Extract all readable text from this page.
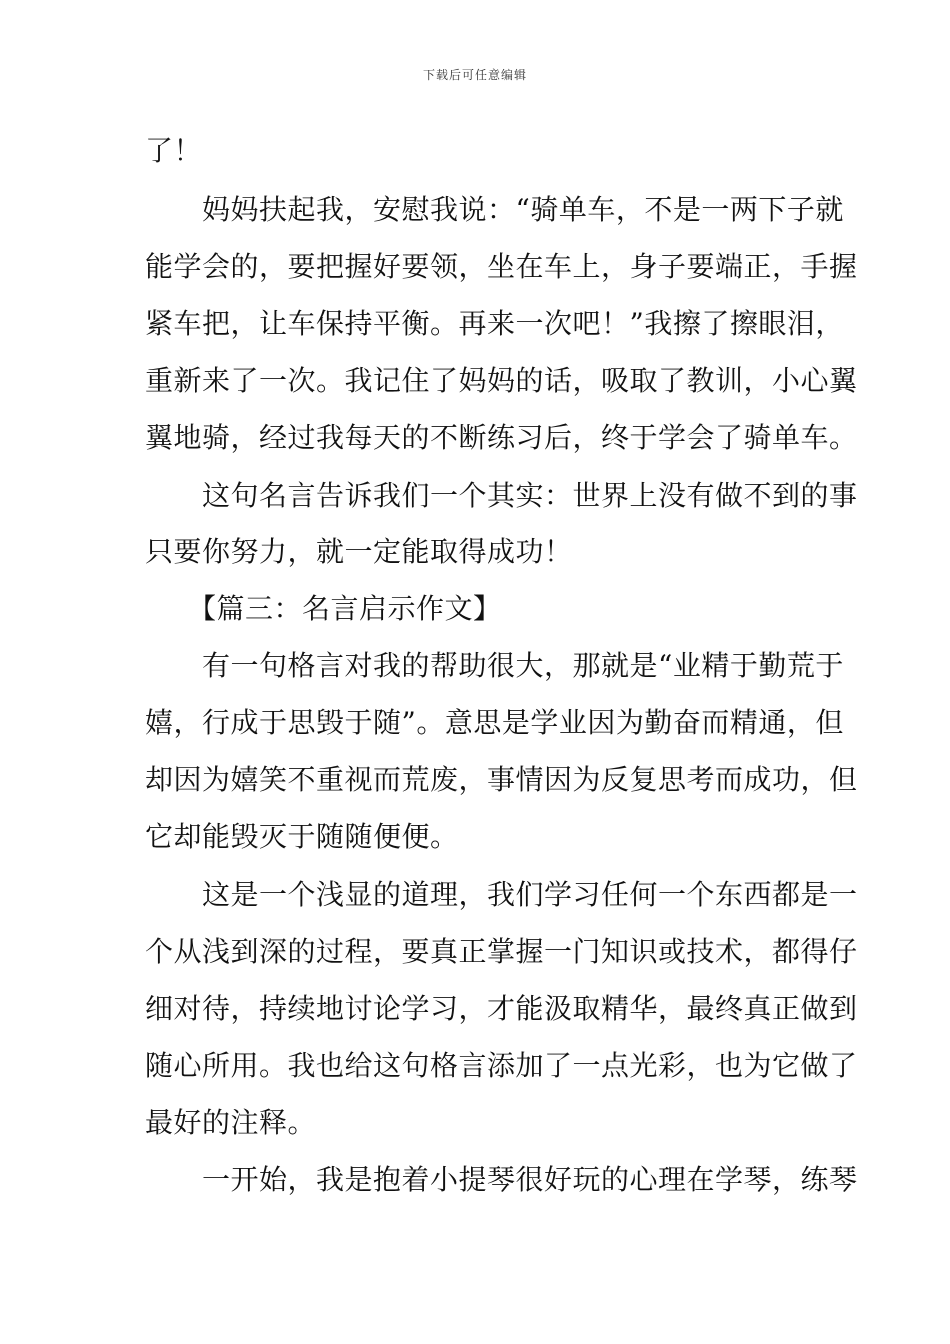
下载后可任意编辑
了！
　　妈妈扶起我，安慰我说：“骑单车，不是一两下子就
能学会的，要把握好要领，坐在车上，身子要端正，手握
紧车把，让车保持平衡。再来一次吧！”我擦了擦眼泪，
重新来了一次。我记住了妈妈的话，吸取了教训，小心翼
翼地骑，经过我每天的不断练习后，终于学会了骑单车。
　　这句名言告诉我们一个其实：世界上没有做不到的事
只要你努力，就一定能取得成功！
　　【篇三：名言启示作文】
　　有一句格言对我的帮助很大，那就是“业精于勤荒于
嬉，行成于思毁于随”。意思是学业因为勤奋而精通，但
却因为嬉笑不重视而荒废，事情因为反复思考而成功，但
它却能毁灭于随随便便。
　　这是一个浅显的道理，我们学习任何一个东西都是一
个从浅到深的过程，要真正掌握一门知识或技术，都得仔
细对待，持续地讨论学习，才能汲取精华，最终真正做到
随心所用。我也给这句格言添加了一点光彩，也为它做了
最好的注释。
　　一开始，我是抱着小提琴很好玩的心理在学琴，练琴
